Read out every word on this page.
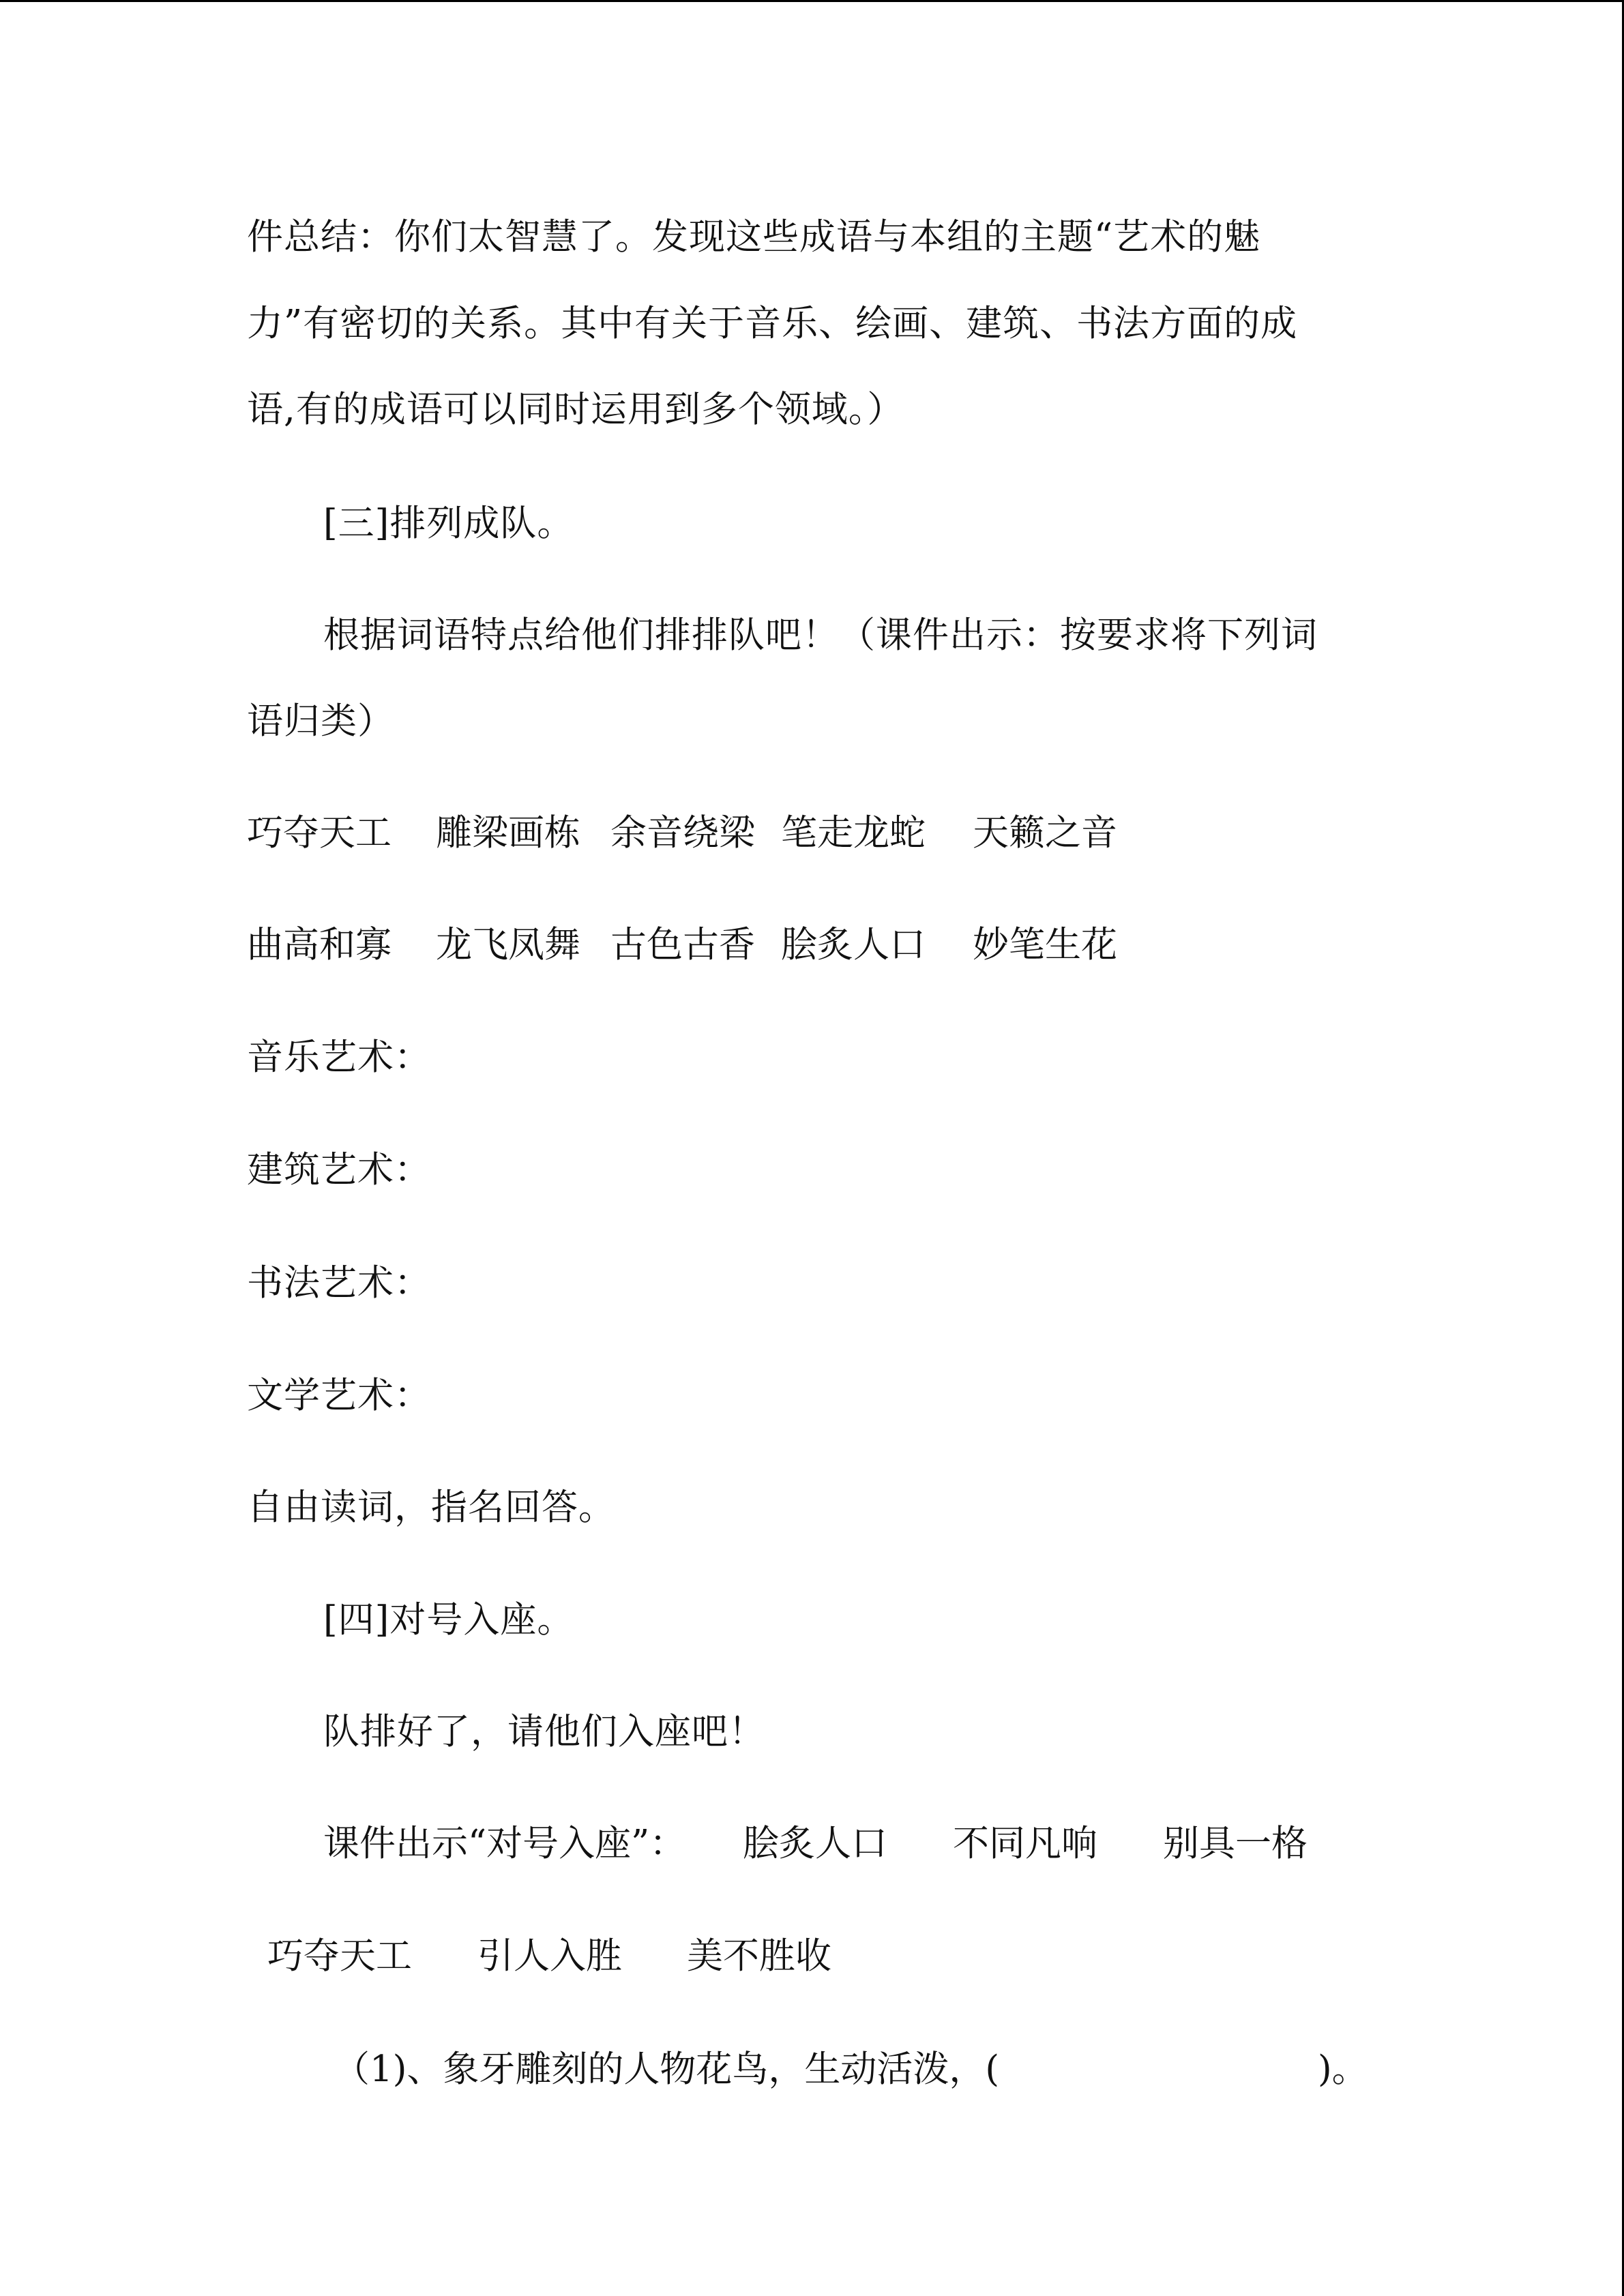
件总结：你们太智慧了。发现这些成语与本组的主题“艺术的魅
力”有密切的关系。其中有关于音乐、绘画、建筑、书法方面的成
语,有的成语可以同时运用到多个领域。）
[三]排列成队。
根据词语特点给他们排排队吧！（课件出示：按要求将下列词
语归类）

巧夺天工

雕梁画栋

余音绕梁

笔走龙蛇

天籁之音

曲高和寡

龙飞凤舞

古色古香

脍炙人口

妙笔生花

音乐艺术：
建筑艺术：
书法艺术：
文学艺术：
自由读词，指名回答。
[四]对号入座。
队排好了，请他们入座吧！

课件出示“对号入座”：

脍炙人口

不同凡响

别具一格

巧夺天工

引人入胜

美不胜收

（1)、象牙雕刻的人物花鸟，生动活泼，(

	)。
